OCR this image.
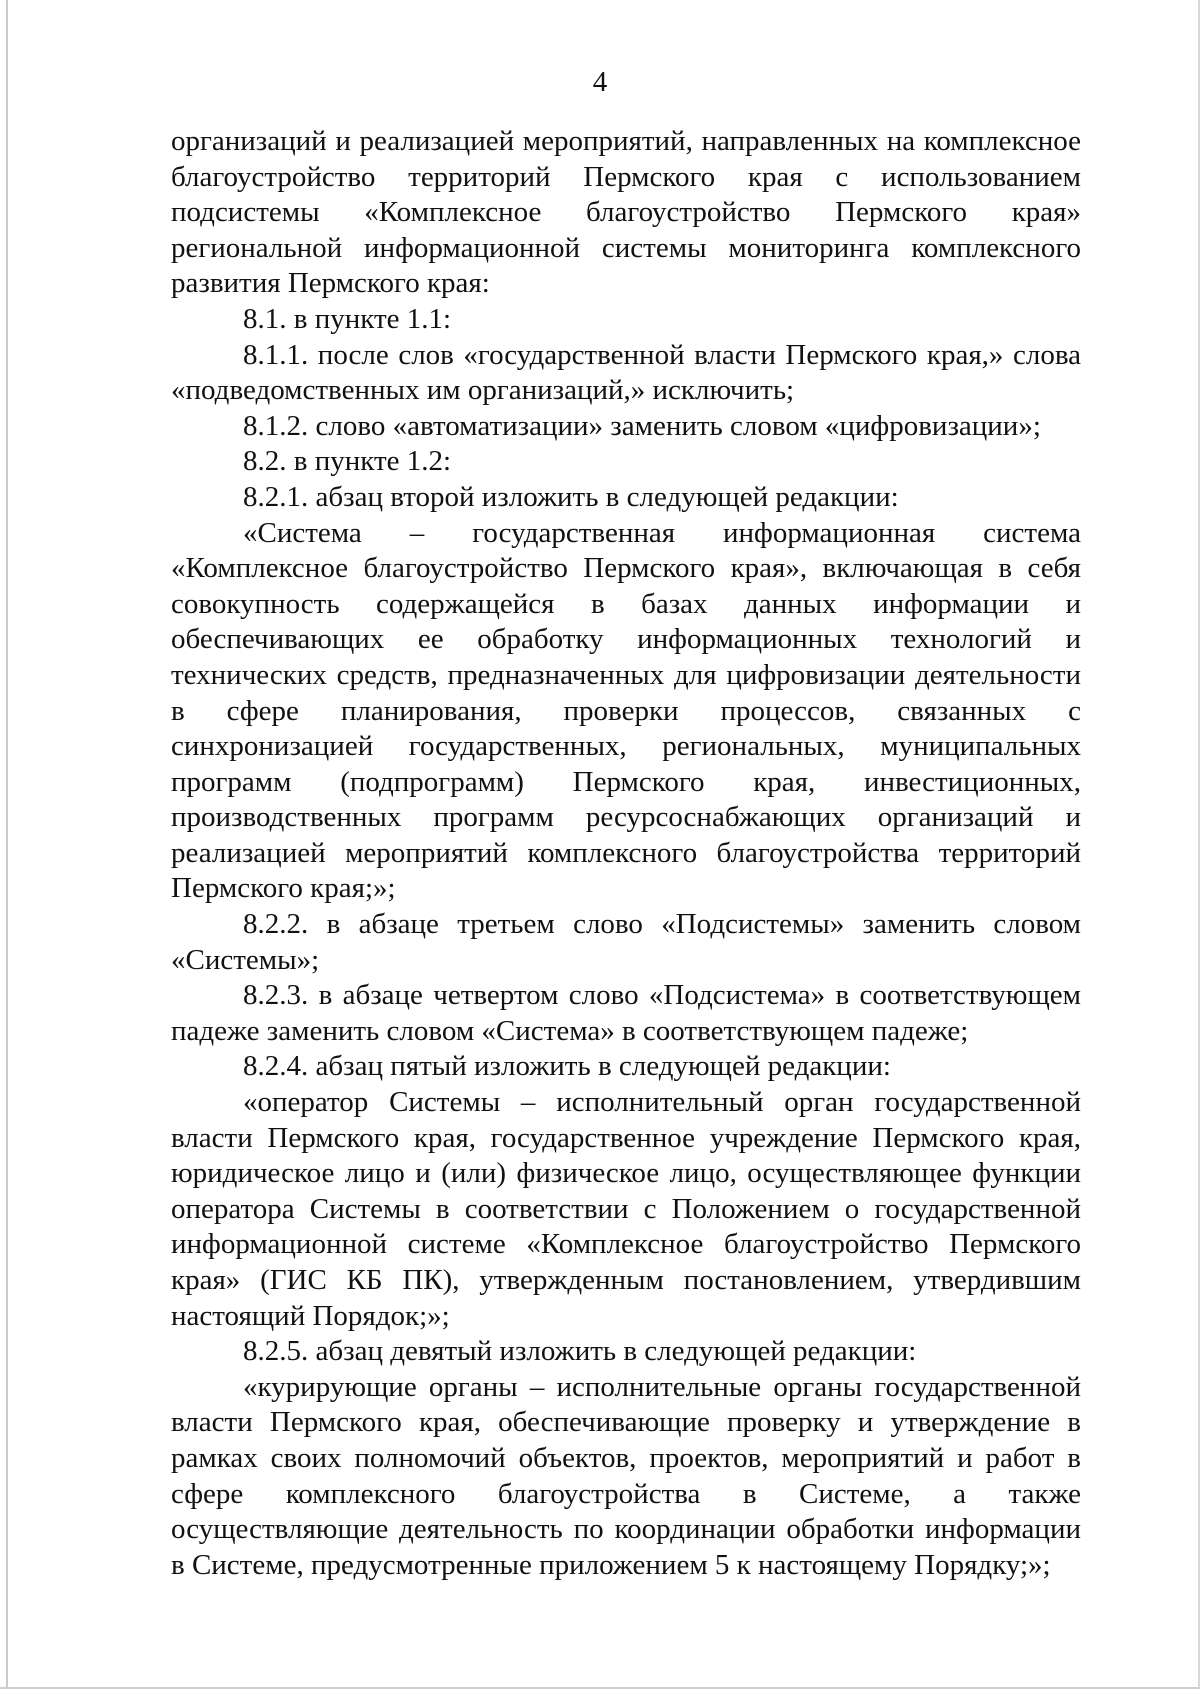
4

организаций и реализацией мероприятий, направленных на комплексное благоустройство территорий Пермского края с использованием подсистемы «Комплексное благоустройство Пермского края» региональной информационной системы мониторинга комплексного развития Пермского края:

8.1. в пункте 1.1:

8.1.1. после слов «государственной власти Пермского края,» слова «подведомственных им организаций,» исключить;

8.1.2. слово «автоматизации» заменить словом «цифровизации»;

8.2. в пункте 1.2:

8.2.1. абзац второй изложить в следующей редакции:

«Система – государственная информационная система «Комплексное благоустройство Пермского края», включающая в себя совокупность содержащейся в базах данных информации и обеспечивающих ее обработку информационных технологий и технических средств, предназначенных для цифровизации деятельности в сфере планирования, проверки процессов, связанных с синхронизацией государственных, региональных, муниципальных программ (подпрограмм) Пермского края, инвестиционных, производственных программ ресурсоснабжающих организаций и реализацией мероприятий комплексного благоустройства территорий Пермского края;»;

8.2.2. в абзаце третьем слово «Подсистемы» заменить словом «Системы»;

8.2.3. в абзаце четвертом слово «Подсистема» в соответствующем падеже заменить словом «Система» в соответствующем падеже;

8.2.4. абзац пятый изложить в следующей редакции:

«оператор Системы – исполнительный орган государственной власти Пермского края, государственное учреждение Пермского края, юридическое лицо и (или) физическое лицо, осуществляющее функции оператора Системы в соответствии с Положением о государственной информационной системе «Комплексное благоустройство Пермского края» (ГИС КБ ПК), утвержденным постановлением, утвердившим настоящий Порядок;»;

8.2.5. абзац девятый изложить в следующей редакции:

«курирующие органы – исполнительные органы государственной власти Пермского края, обеспечивающие проверку и утверждение в рамках своих полномочий объектов, проектов, мероприятий и работ в сфере комплексного благоустройства в Системе, а также осуществляющие деятельность по координации обработки информации в Системе, предусмотренные приложением 5 к настоящему Порядку;»;
